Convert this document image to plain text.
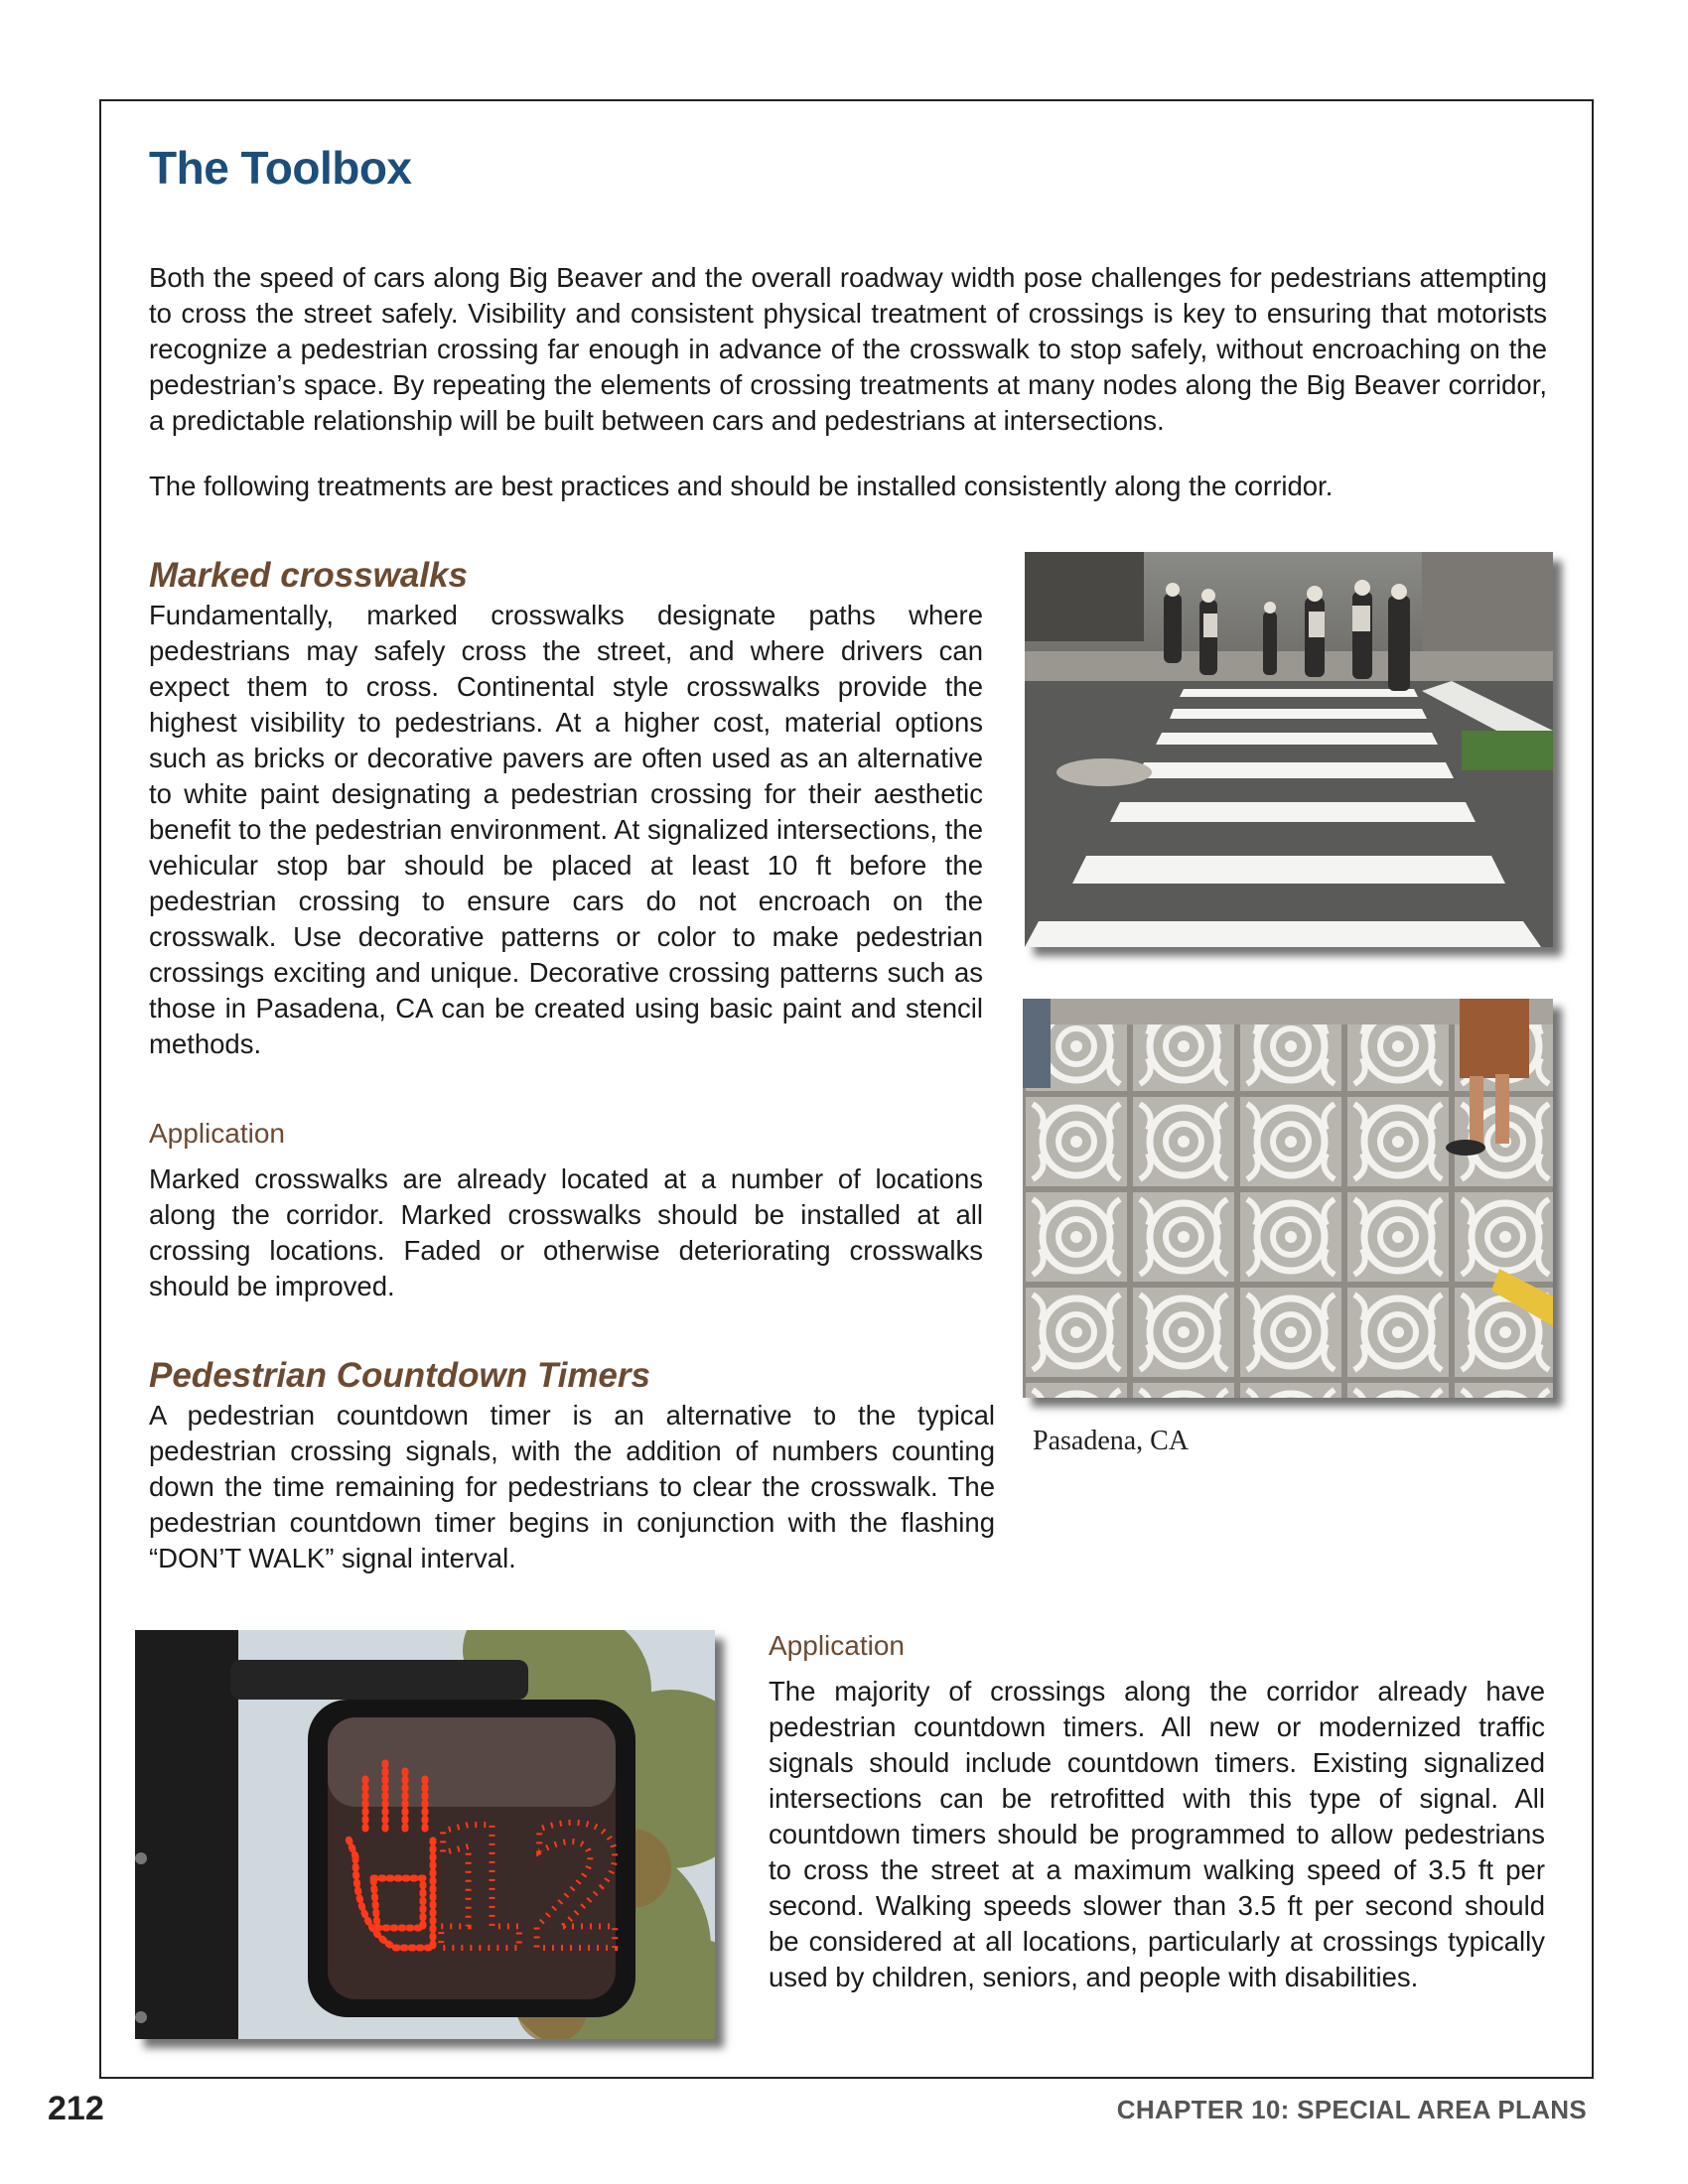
The Toolbox
Both the speed of cars along Big Beaver and the overall roadway width pose challenges for pedestrians attempting to cross the street safely. Visibility and consistent physical treatment of crossings is key to ensuring that motorists recognize a pedestrian crossing far enough in advance of the crosswalk to stop safely, without encroaching on the pedestrian’s space. By repeating the elements of crossing treatments at many nodes along the Big Beaver corridor, a predictable relationship will be built between cars and pedestrians at intersections.
The following treatments are best practices and should be installed consistently along the corridor.
Marked crosswalks
Fundamentally, marked crosswalks designate paths where pedestrians may safely cross the street, and where drivers can expect them to cross. Continental style crosswalks provide the highest visibility to pedestrians. At a higher cost, material options such as bricks or decorative pavers are often used as an alternative to white paint designating a pedestrian crossing for their aesthetic benefit to the pedestrian environment. At signalized intersections, the vehicular stop bar should be placed at least 10 ft before the pedestrian crossing to ensure cars do not encroach on the crosswalk. Use decorative patterns or color to make pedestrian crossings exciting and unique. Decorative crossing patterns such as those in Pasadena, CA can be created using basic paint and stencil methods.
Application
Marked crosswalks are already located at a number of locations along the corridor. Marked crosswalks should be installed at all crossing locations. Faded or otherwise deteriorating crosswalks should be improved.
Pedestrian Countdown Timers
A pedestrian countdown timer is an alternative to the typical pedestrian crossing signals, with the addition of numbers counting down the time remaining for pedestrians to clear the crosswalk. The pedestrian countdown timer begins in conjunction with the flashing “DON’T WALK” signal interval.
Application
The majority of crossings along the corridor already have pedestrian countdown timers. All new or modernized traffic signals should include countdown timers. Existing signalized intersections can be retrofitted with this type of signal. All countdown timers should be programmed to allow pedestrians to cross the street at a maximum walking speed of 3.5 ft per second. Walking speeds slower than 3.5 ft per second should be considered at all locations, particularly at crossings typically used by children, seniors, and people with disabilities.
Pasadena, CA
12
212	CHAPTER 10: SPECIAL AREA PLANS
